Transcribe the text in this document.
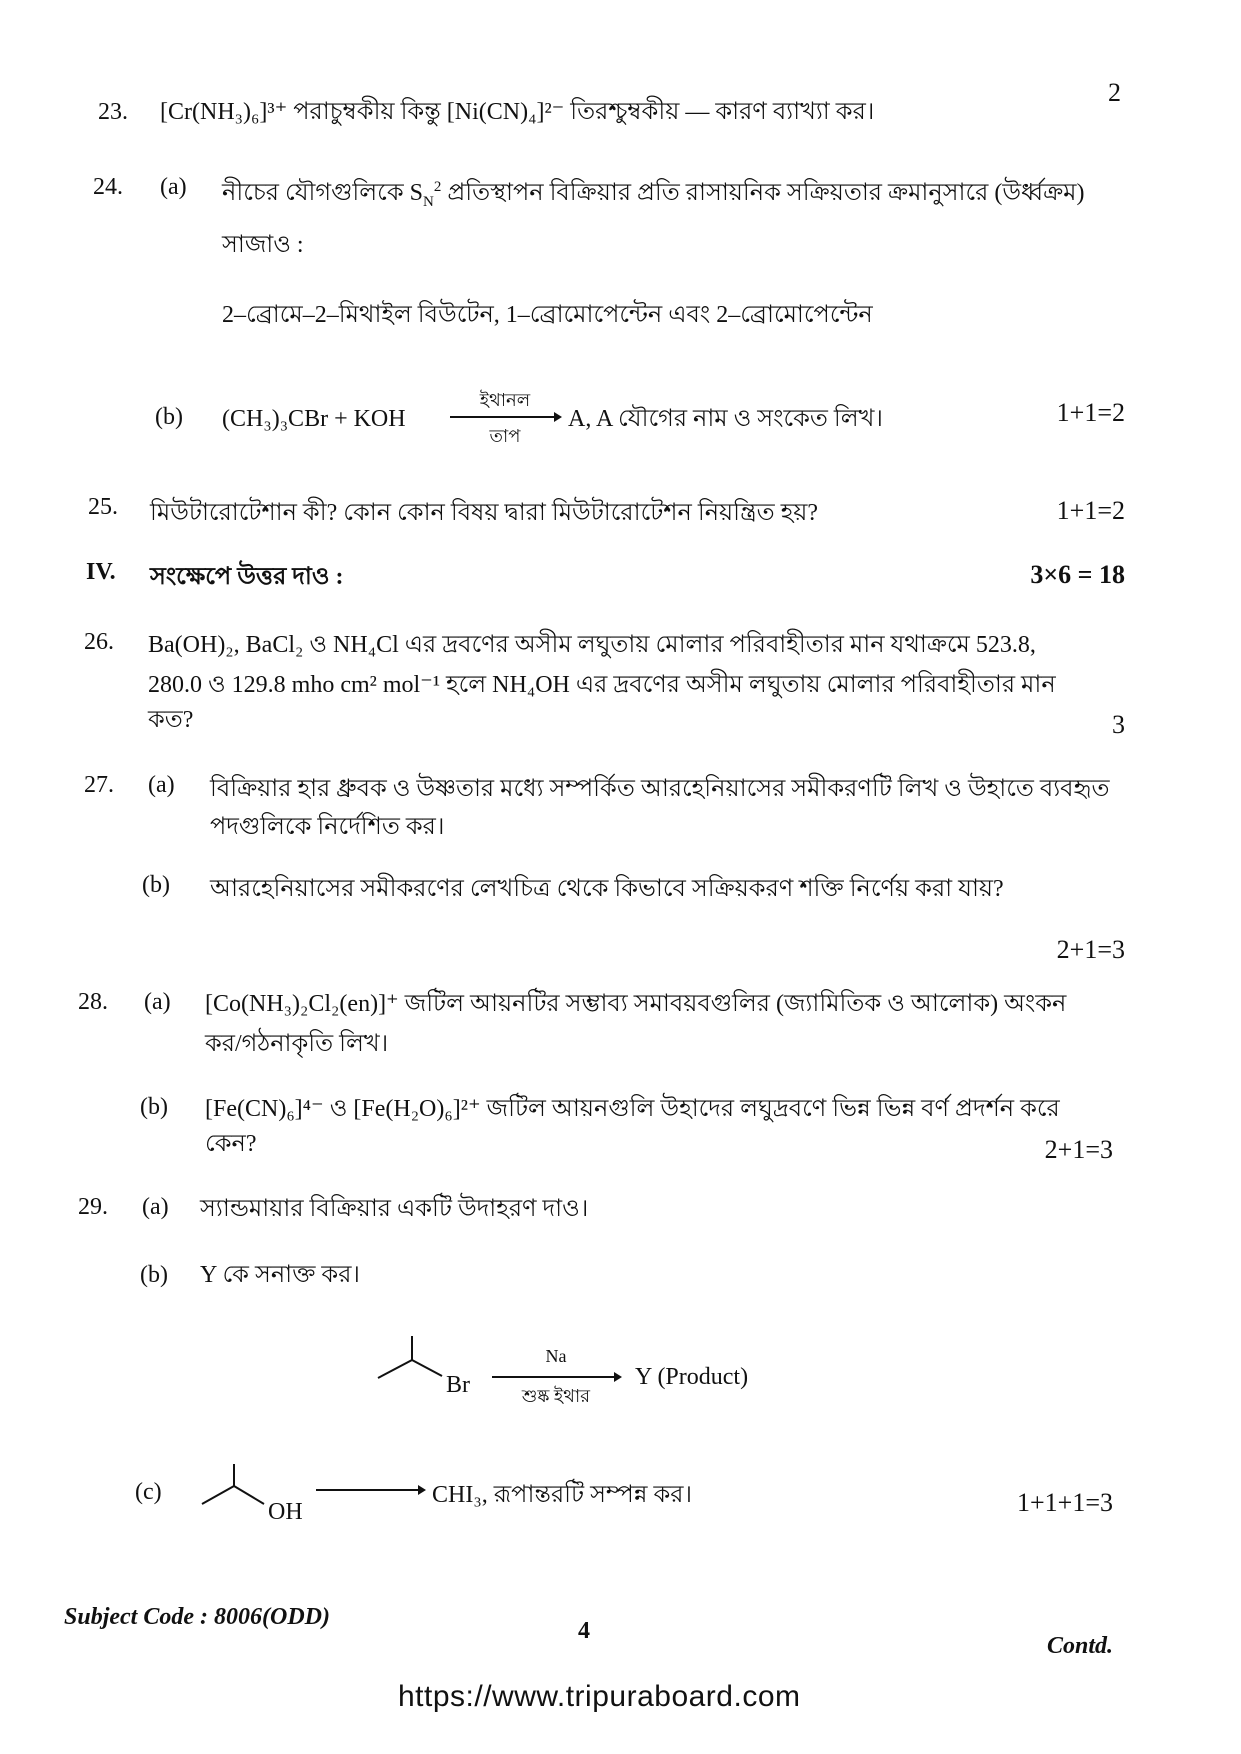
2
23. [Cr(NH₃)₆]³⁺ পরাচুম্বকীয় কিন্তু [Ni(CN)₄]²⁻ তিরশ্চুম্বকীয় — কারণ ব্যাখ্যা কর।
24. (a) নীচের যৌগগুলিকে $S_N^2$ প্রতিস্থাপন বিক্রিয়ার প্রতি রাসায়নিক সক্রিয়তার ক্রমানুসারে (উর্ধ্বক্রম)
সাজাও :
2–ব্রোমে–2–মিথাইল বিউটেন, 1–ব্রোমোপেন্টেন এবং 2–ব্রোমোপেন্টেন
(b) (CH₃)₃CBr + KOH
ইথানল
তাপ
A, A যৌগের নাম ও সংকেত লিখ।	1+1=2
25. মিউটারোটেশান কী? কোন কোন বিষয় দ্বারা মিউটারোটেশন নিয়ন্ত্রিত হয়?	1+1=2
IV. সংক্ষেপে উত্তর দাও :	3×6 = 18
26. Ba(OH)₂, BaCl₂ ও NH₄Cl এর দ্রবণের অসীম লঘুতায় মোলার পরিবাহীতার মান যথাক্রমে 523.8,
280.0 ও 129.8 mho cm² mol⁻¹ হলে NH₄OH এর দ্রবণের অসীম লঘুতায় মোলার পরিবাহীতার মান
কত?	3
27. (a) বিক্রিয়ার হার ধ্রুবক ও উষ্ণতার মধ্যে সম্পর্কিত আরহেনিয়াসের সমীকরণটি লিখ ও উহাতে ব্যবহৃত
পদগুলিকে নির্দেশিত কর।
(b) আরহেনিয়াসের সমীকরণের লেখচিত্র থেকে কিভাবে সক্রিয়করণ শক্তি নির্ণেয় করা যায়?
2+1=3
28. (a) [Co(NH₃)₂Cl₂(en)]⁺ জটিল আয়নটির সম্ভাব্য সমাবয়বগুলির (জ্যামিতিক ও আলোক) অংকন
কর/গঠনাকৃতি লিখ।
(b) [Fe(CN)₆]⁴⁻ ও [Fe(H₂O)₆]²⁺ জটিল আয়নগুলি উহাদের লঘুদ্রবণে ভিন্ন ভিন্ন বর্ণ প্রদর্শন করে
কেন?	2+1=3
29. (a) স্যান্ডমায়ার বিক্রিয়ার একটি উদাহরণ দাও।
(b) Y কে সনাক্ত কর।
Br
Na
শুষ্ক ইথার
Y (Product)
(c)
OH
CHI₃, রূপান্তরটি সম্পন্ন কর।	1+1+1=3
Subject Code : 8006(ODD)
4
Contd.
https://www.tripuraboard.com
